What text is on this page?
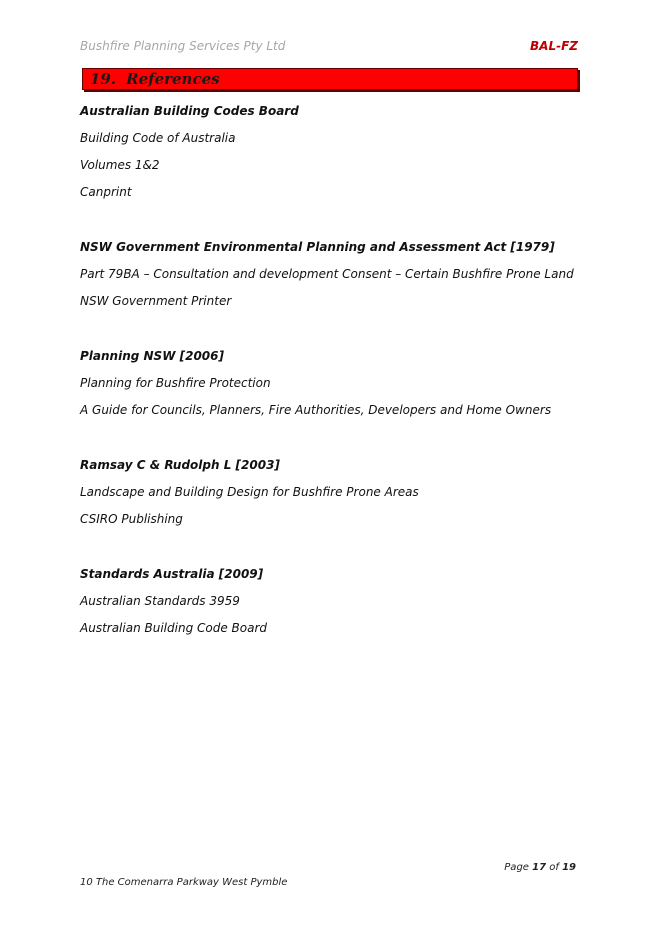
Bushfire Planning Services Pty Ltd	BAL-FZ
19. References
Australian Building Codes Board
Building Code of Australia
Volumes 1&2
Canprint
NSW Government Environmental Planning and Assessment Act [1979]
Part 79BA – Consultation and development Consent – Certain Bushfire Prone Land
NSW Government Printer
Planning NSW [2006]
Planning for Bushfire Protection
A Guide for Councils, Planners, Fire Authorities, Developers and Home Owners
Ramsay C & Rudolph L [2003]
Landscape and Building Design for Bushfire Prone Areas
CSIRO Publishing
Standards Australia [2009]
Australian Standards 3959
Australian Building Code Board
Page 17 of 19
10 The Comenarra Parkway West Pymble
